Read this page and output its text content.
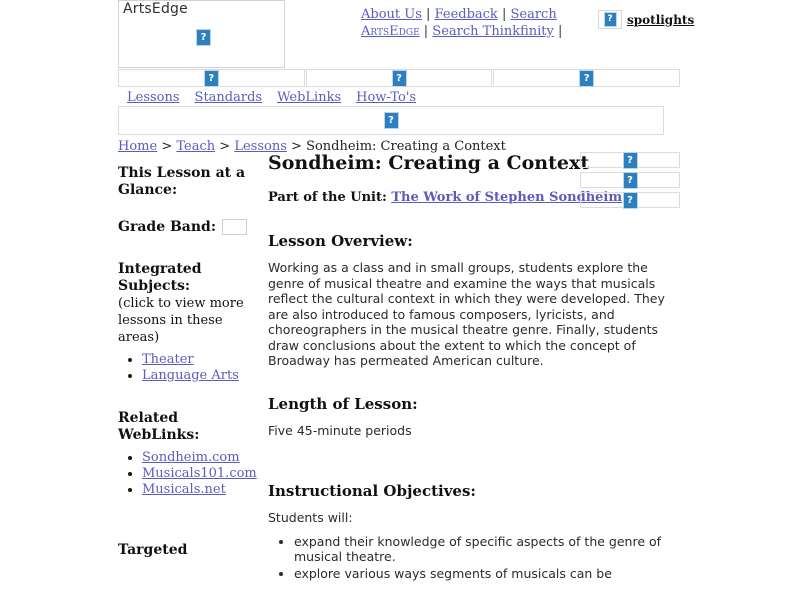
ArtsEdge
?
About Us | Feedback | Search ArtsEdge | Search Thinkfinity |
?	spotlights
?	?	?
Lessons Standards WebLinks How-To's
?
Home > Teach > Lessons > Sondheim: Creating a Context
This Lesson at a Glance:
Grade Band:
Integrated Subjects:
(click to view more lessons in these areas)
• Theater
• Language Arts
Related WebLinks:
• Sondheim.com
• Musicals101.com
• Musicals.net
Targeted
Sondheim: Creating a Context
Part of the Unit: The Work of Stephen Sondheim
Lesson Overview:

Working as a class and in small groups, students explore the genre of musical theatre and examine the ways that musicals reflect the cultural context in which they were developed. They are also introduced to famous composers, lyricists, and choreographers in the musical theatre genre. Finally, students draw conclusions about the extent to which the concept of Broadway has permeated American culture.

Length of Lesson:

Five 45-minute periods

Instructional Objectives:

Students will:

• expand their knowledge of specific aspects of the genre of musical theatre.
• explore various ways segments of musicals can be
?
?
?
